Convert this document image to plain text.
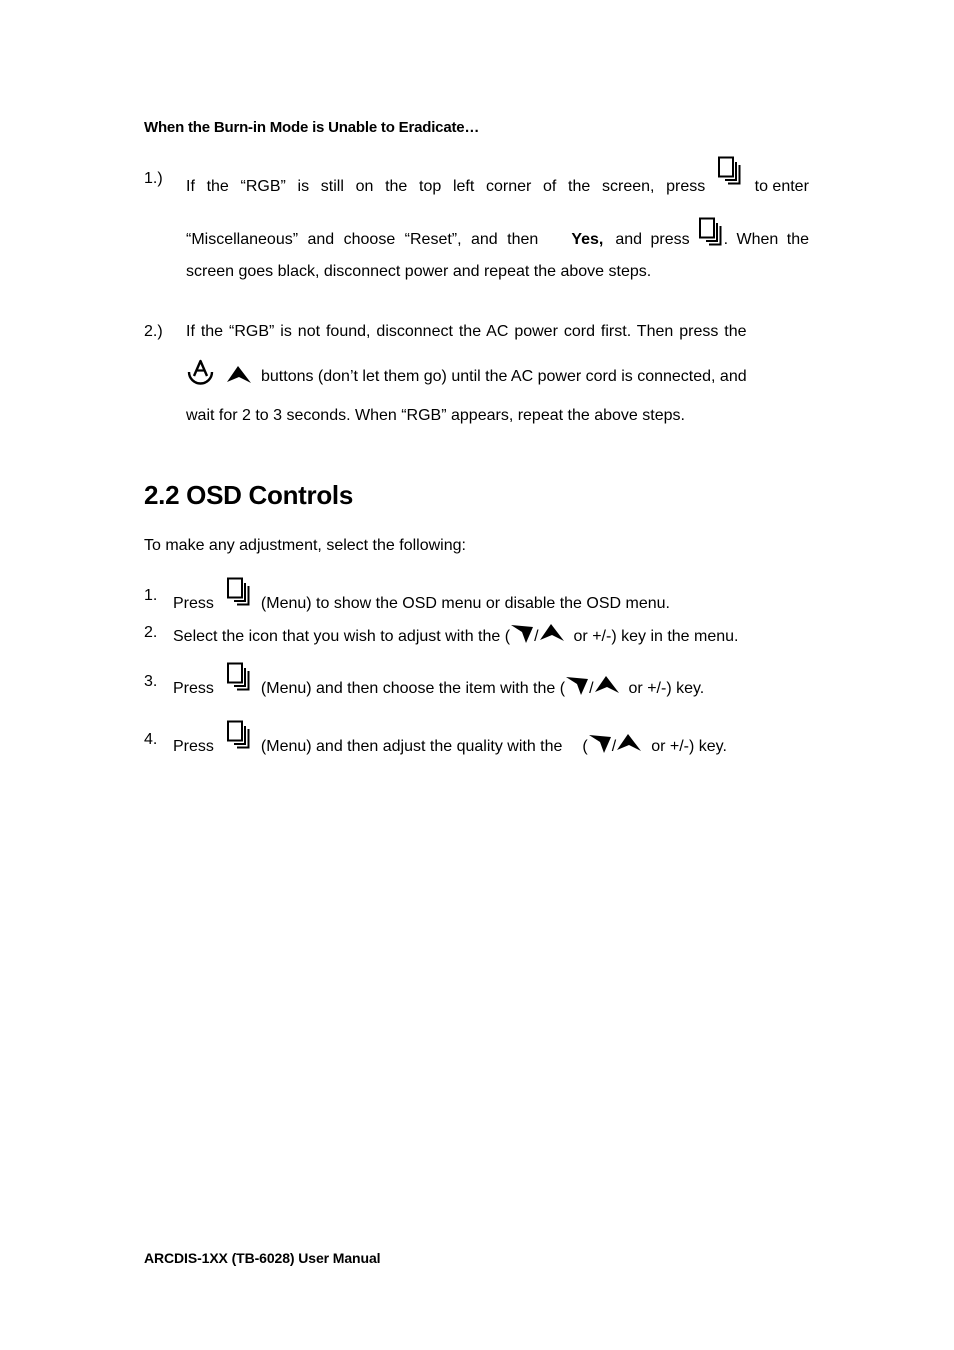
When the Burn-in Mode is Unable to Eradicate…
1.) If the “RGB” is still on the top left corner of the screen, press	to enter
“Miscellaneous” and choose “Reset”, and then Yes, and press . When the
screen goes black, disconnect power and repeat the above steps.
2.) If the “RGB” is not found, disconnect the AC power cord first. Then press the
buttons (don’t let them go) until the AC power cord is connected, and
wait for 2 to 3 seconds. When “RGB” appears, repeat the above steps.
2.2 OSD Controls
To make any adjustment, select the following:
1. Press	(Menu) to show the OSD menu or disable the OSD menu.
2. Select the icon that you wish to adjust with the ( / or +/-) key in the menu.
3. Press	(Menu) and then choose the item with the ( / or +/-) key.
4. Press	(Menu) and then adjust the quality with the ( / or +/-) key.
ARCDIS-1XX (TB-6028) User Manual
